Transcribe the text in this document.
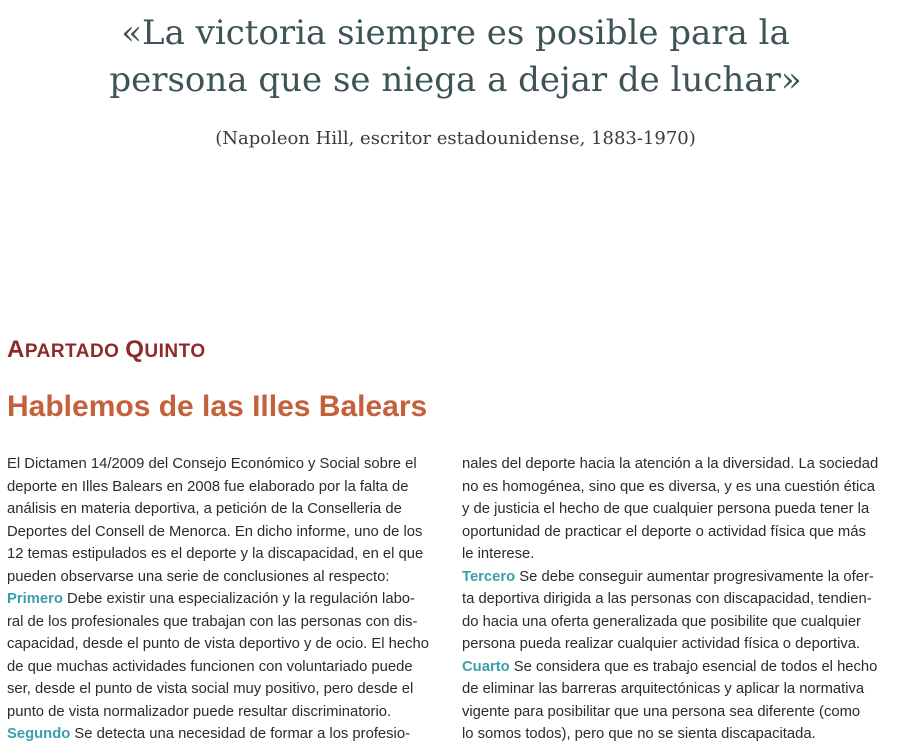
«La victoria siempre es posible para la
persona que se niega a dejar de luchar»
(Napoleon Hill, escritor estadounidense, 1883-1970)
APARTADO QUINTO
Hablemos de las Illes Balears
El Dictamen 14/2009 del Consejo Económico y Social sobre el
deporte en Illes Balears en 2008 fue elaborado por la falta de
análisis en materia deportiva, a petición de la Conselleria de
Deportes del Consell de Menorca. En dicho informe, uno de los
12 temas estipulados es el deporte y la discapacidad, en el que
pueden observarse una serie de conclusiones al respecto:
Primero Debe existir una especialización y la regulación labo-
ral de los profesionales que trabajan con las personas con dis-
capacidad, desde el punto de vista deportivo y de ocio. El hecho
de que muchas actividades funcionen con voluntariado puede
ser, desde el punto de vista social muy positivo, pero desde el
punto de vista normalizador puede resultar discriminatorio.
Segundo Se detecta una necesidad de formar a los profesio-
nales del deporte hacia la atención a la diversidad. La sociedad
no es homogénea, sino que es diversa, y es una cuestión ética
y de justicia el hecho de que cualquier persona pueda tener la
oportunidad de practicar el deporte o actividad física que más
le interese.
Tercero Se debe conseguir aumentar progresivamente la ofer-
ta deportiva dirigida a las personas con discapacidad, tendien-
do hacia una oferta generalizada que posibilite que cualquier
persona pueda realizar cualquier actividad física o deportiva.
Cuarto Se considera que es trabajo esencial de todos el hecho
de eliminar las barreras arquitectónicas y aplicar la normativa
vigente para posibilitar que una persona sea diferente (como
lo somos todos), pero que no se sienta discapacitada.
